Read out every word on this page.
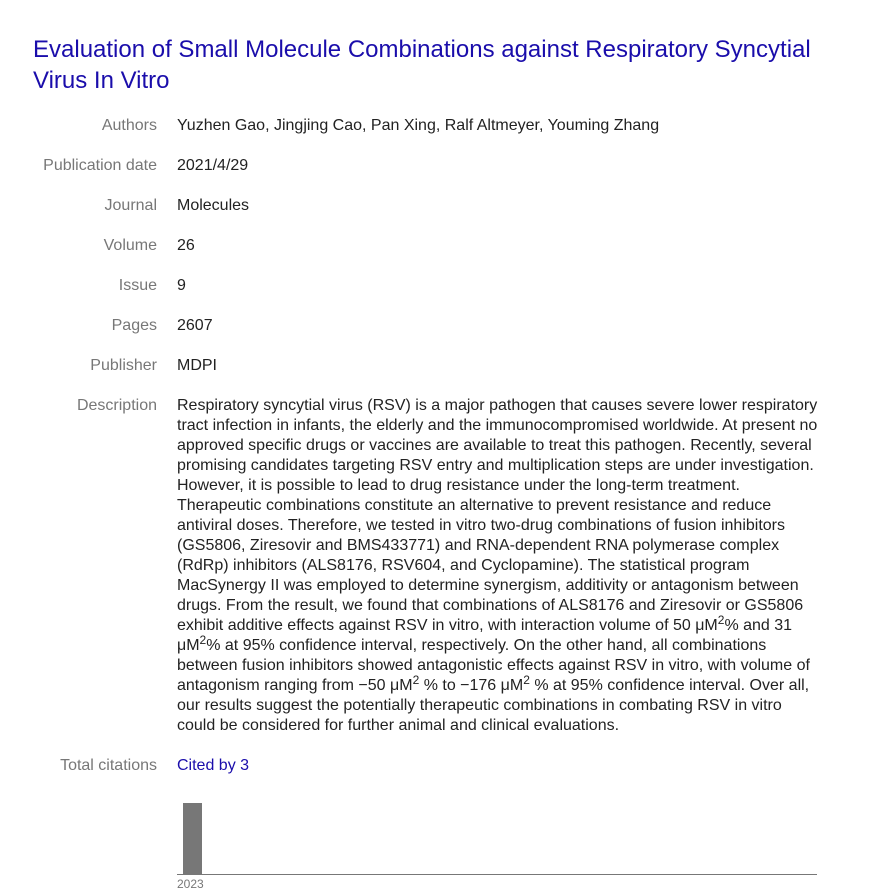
Evaluation of Small Molecule Combinations against Respiratory Syncytial Virus In Vitro
Authors Yuzhen Gao, Jingjing Cao, Pan Xing, Ralf Altmeyer, Youming Zhang
Publication date 2021/4/29
Journal Molecules
Volume 26
Issue 9
Pages 2607
Publisher MDPI
Description Respiratory syncytial virus (RSV) is a major pathogen that causes severe lower respiratory tract infection in infants, the elderly and the immunocompromised worldwide. At present no approved specific drugs or vaccines are available to treat this pathogen. Recently, several promising candidates targeting RSV entry and multiplication steps are under investigation. However, it is possible to lead to drug resistance under the long-term treatment. Therapeutic combinations constitute an alternative to prevent resistance and reduce antiviral doses. Therefore, we tested in vitro two-drug combinations of fusion inhibitors (GS5806, Ziresovir and BMS433771) and RNA-dependent RNA polymerase complex (RdRp) inhibitors (ALS8176, RSV604, and Cyclopamine). The statistical program MacSynergy II was employed to determine synergism, additivity or antagonism between drugs. From the result, we found that combinations of ALS8176 and Ziresovir or GS5806 exhibit additive effects against RSV in vitro, with interaction volume of 50 $\mu M^2\%$ and 31 $\mu M^2\%$ at 95% confidence interval, respectively. On the other hand, all combinations between fusion inhibitors showed antagonistic effects against RSV in vitro, with volume of antagonism ranging from −50 $\mu M^2$ % to −176 $\mu M^2$ % at 95% confidence interval. Over all, our results suggest the potentially therapeutic combinations in combating RSV in vitro could be considered for further animal and clinical evaluations.

Total citations Cited by 3
2023
